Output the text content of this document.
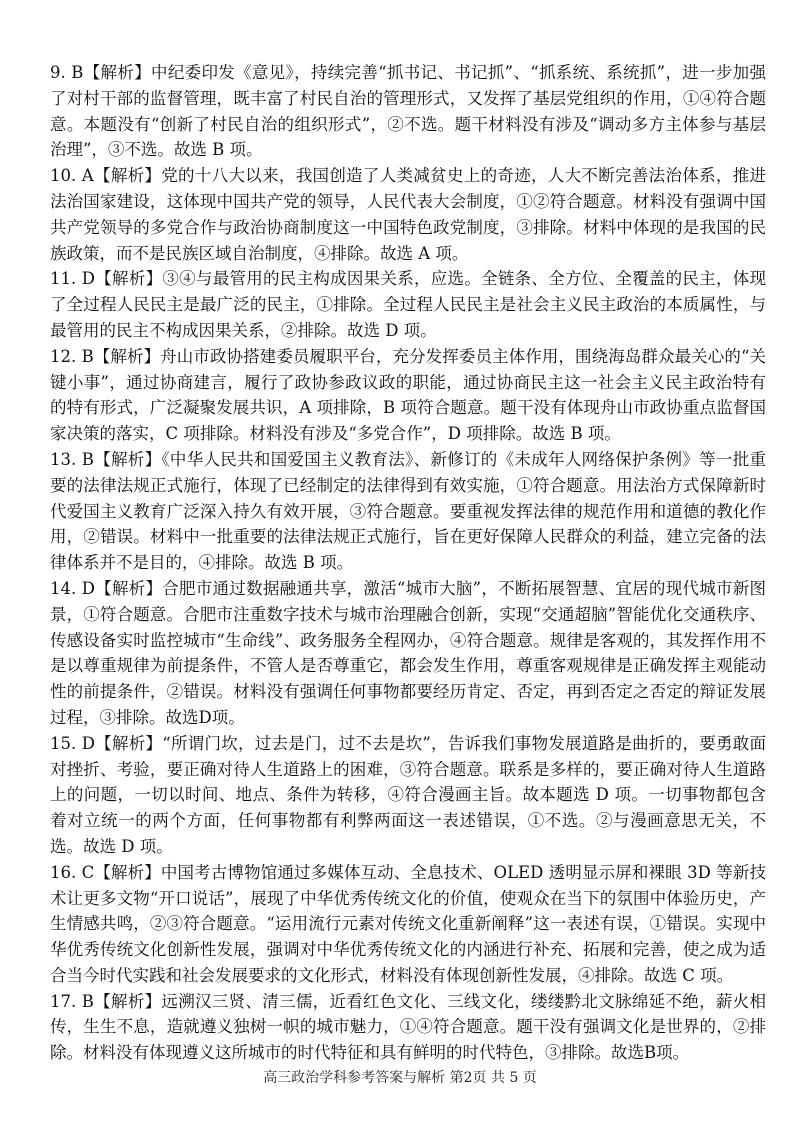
9. B【解析】中纪委印发《意见》，持续完善“抓书记、书记抓”、“抓系统、系统抓”，进一步加强了对村干部的监督管理，既丰富了村民自治的管理形式，又发挥了基层党组织的作用，①④符合题意。本题没有“创新了村民自治的组织形式”，②不选。题干材料没有涉及“调动多方主体参与基层治理”，③不选。故选 B 项。

10. A【解析】党的十八大以来，我国创造了人类减贫史上的奇迹，人大不断完善法治体系，推进法治国家建设，这体现中国共产党的领导，人民代表大会制度，①②符合题意。材料没有强调中国共产党领导的多党合作与政治协商制度这一中国特色政党制度，③排除。材料中体现的是我国的民族政策，而不是民族区域自治制度，④排除。故选 A 项。

11. D【解析】③④与最管用的民主构成因果关系，应选。全链条、全方位、全覆盖的民主，体现了全过程人民民主是最广泛的民主，①排除。全过程人民民主是社会主义民主政治的本质属性，与最管用的民主不构成因果关系，②排除。故选 D 项。

12. B【解析】舟山市政协搭建委员履职平台，充分发挥委员主体作用，围绕海岛群众最关心的“关键小事”，通过协商建言，履行了政协参政议政的职能，通过协商民主这一社会主义民主政治特有的特有形式，广泛凝聚发展共识，A 项排除，B 项符合题意。题干没有体现舟山市政协重点监督国家决策的落实，C 项排除。材料没有涉及“多党合作”，D 项排除。故选 B 项。

13. B【解析】《中华人民共和国爱国主义教育法》、新修订的《未成年人网络保护条例》等一批重要的法律法规正式施行，体现了已经制定的法律得到有效实施，①符合题意。用法治方式保障新时代爱国主义教育广泛深入持久有效开展，③符合题意。要重视发挥法律的规范作用和道德的教化作用，②错误。材料中一批重要的法律法规正式施行，旨在更好保障人民群众的利益，建立完备的法律体系并不是目的，④排除。故选 B 项。

14. D【解析】合肥市通过数据融通共享，激活“城市大脑”，不断拓展智慧、宜居的现代城市新图景，①符合题意。合肥市注重数字技术与城市治理融合创新，实现“交通超脑”智能优化交通秩序、传感设备实时监控城市“生命线”、政务服务全程网办，④符合题意。规律是客观的，其发挥作用不是以尊重规律为前提条件，不管人是否尊重它，都会发生作用，尊重客观规律是正确发挥主观能动性的前提条件，②错误。材料没有强调任何事物都要经历肯定、否定，再到否定之否定的辩证发展过程，③排除。故选D项。

15. D【解析】“所谓门坎，过去是门，过不去是坎”，告诉我们事物发展道路是曲折的，要勇敢面对挫折、考验，要正确对待人生道路上的困难，③符合题意。联系是多样的，要正确对待人生道路上的问题，一切以时间、地点、条件为转移，④符合漫画主旨。故本题选 D 项。一切事物都包含着对立统一的两个方面，任何事物都有利弊两面这一表述错误，①不选。②与漫画意思无关，不选。故选 D 项。

16. C【解析】中国考古博物馆通过多媒体互动、全息技术、OLED 透明显示屏和裸眼 3D 等新技术让更多文物“开口说话”，展现了中华优秀传统文化的价值，使观众在当下的氛围中体验历史，产生情感共鸣，②③符合题意。“运用流行元素对传统文化重新阐释”这一表述有误，①错误。实现中华优秀传统文化创新性发展，强调对中华优秀传统文化的内涵进行补充、拓展和完善，使之成为适合当今时代实践和社会发展要求的文化形式，材料没有体现创新性发展，④排除。故选 C 项。

17. B【解析】远溯汉三贤、清三儒，近看红色文化、三线文化，缕缕黔北文脉绵延不绝，薪火相传，生生不息，造就遵义独树一帜的城市魅力，①④符合题意。题干没有强调文化是世界的，②排除。材料没有体现遵义这所城市的时代特征和具有鲜明的时代特色，③排除。故选B项。

高三政治学科参考答案与解析 第2页 共 5 页
